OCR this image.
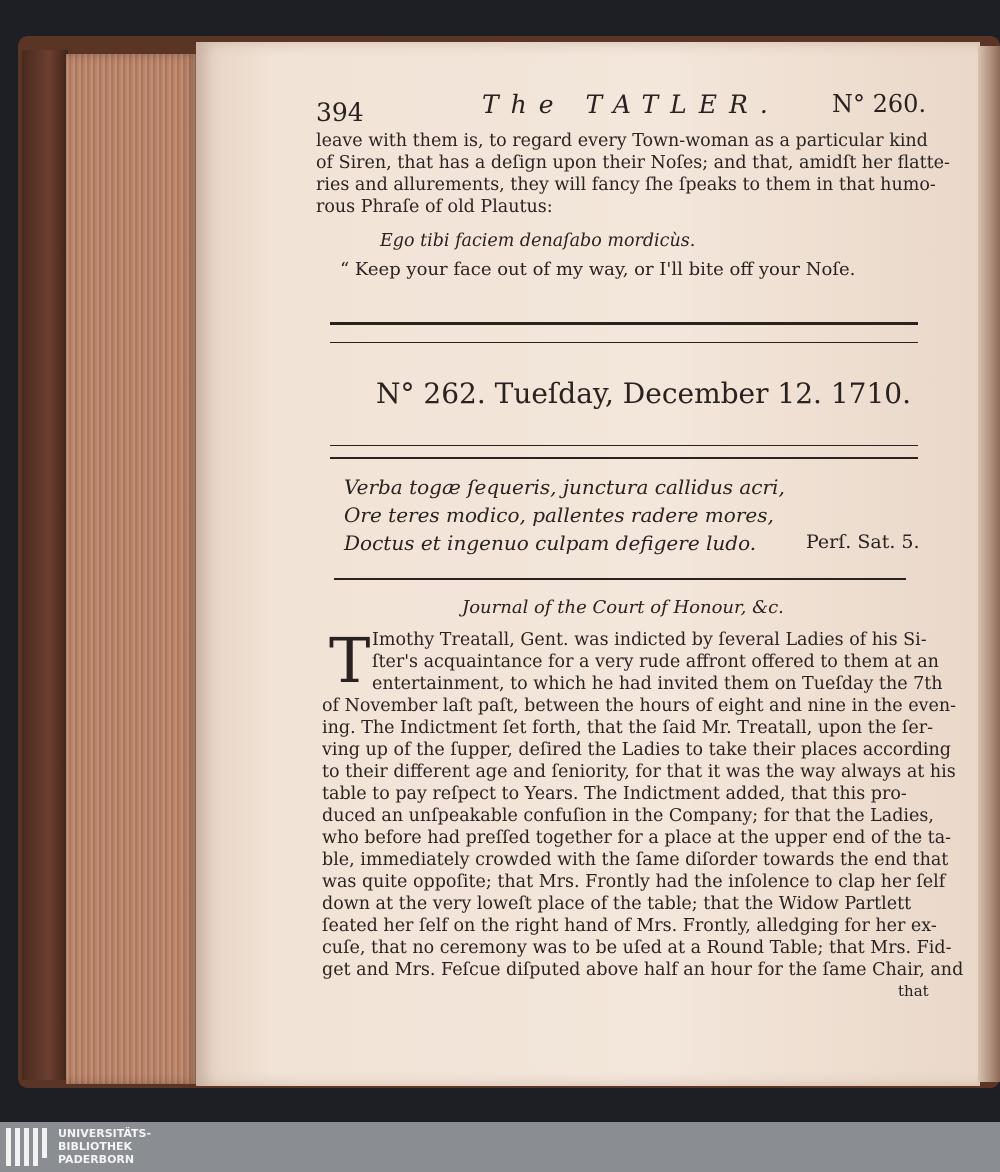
394	The TATLER. N° 260.
leave with them is, to regard every Town-woman as a particular kind
of Siren, that has a deſign upon their Noſes; and that, amidſt her flatte-
ries and allurements, they will fancy ſhe ſpeaks to them in that humo-
rous Phraſe of old Plautus:
Ego tibi faciem denaſabo mordicùs.
“ Keep your face out of my way, or I'll bite off your Noſe.
N° 262. Tueſday, December 12. 1710.
Verba togæ ſequeris, junctura callidus acri,
Ore teres modico, pallentes radere mores,
Doctus et ingenuo culpam defigere ludo.	Perſ. Sat. 5.
Journal of the Court of Honour, &c.
T Imothy Treatall, Gent. was indicted by ſeveral Ladies of his Si-
ſter's acquaintance for a very rude affront offered to them at an
entertainment, to which he had invited them on Tueſday the 7th
of November laſt paſt, between the hours of eight and nine in the even-
ing. The Indictment ſet forth, that the ſaid Mr. Treatall, upon the ſer-
ving up of the ſupper, deſired the Ladies to take their places according
to their different age and ſeniority, for that it was the way always at his
table to pay reſpect to Years. The Indictment added, that this pro-
duced an unſpeakable confuſion in the Company; for that the Ladies,
who before had preſſed together for a place at the upper end of the ta-
ble, immediately crowded with the ſame diſorder towards the end that
was quite oppoſite; that Mrs. Frontly had the inſolence to clap her ſelf
down at the very loweſt place of the table; that the Widow Partlett
ſeated her ſelf on the right hand of Mrs. Frontly, alledging for her ex-
cuſe, that no ceremony was to be uſed at a Round Table; that Mrs. Fid-
get and Mrs. Feſcue diſputed above half an hour for the ſame Chair, and
that
UNIVERSITÄTS-
BIBLIOTHEK
PADERBORN
